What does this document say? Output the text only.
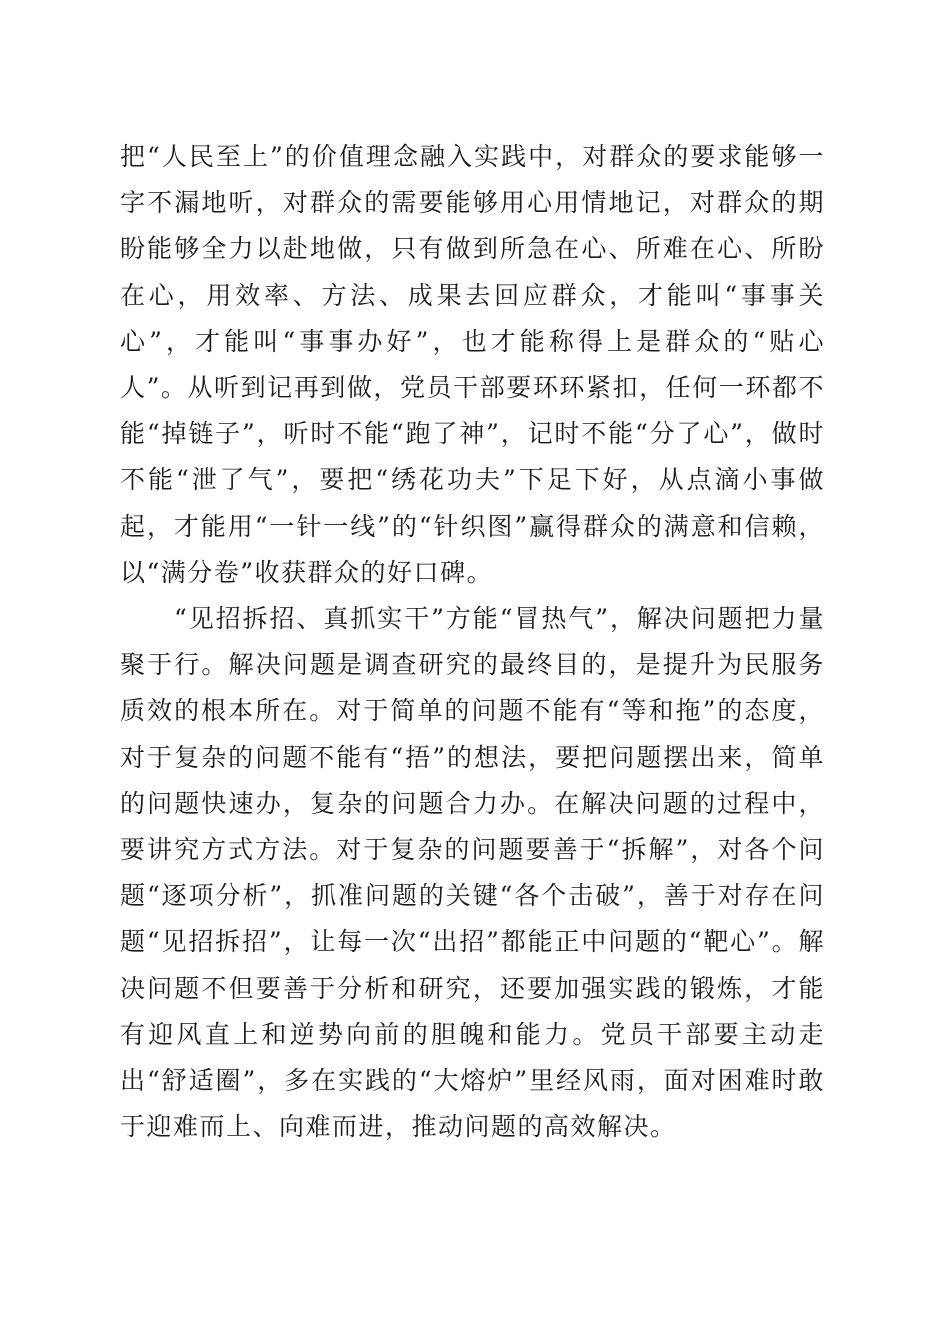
把“人民至上”的价值理念融入实践中，对群众的要求能够一字不漏地听，对群众的需要能够用心用情地记，对群众的期盼能够全力以赴地做，只有做到所急在心、所难在心、所盼在心，用效率、方法、成果去回应群众，才能叫“事事关心”，才能叫“事事办好”，也才能称得上是群众的“贴心人”。从听到记再到做，党员干部要环环紧扣，任何一环都不能“掉链子”，听时不能“跑了神”，记时不能“分了心”，做时不能“泄了气”，要把“绣花功夫”下足下好，从点滴小事做起，才能用“一针一线”的“针织图”赢得群众的满意和信赖，以“满分卷”收获群众的好口碑。

“见招拆招、真抓实干”方能“冒热气”，解决问题把力量聚于行。解决问题是调查研究的最终目的，是提升为民服务质效的根本所在。对于简单的问题不能有“等和拖”的态度，对于复杂的问题不能有“捂”的想法，要把问题摆出来，简单的问题快速办，复杂的问题合力办。在解决问题的过程中，要讲究方式方法。对于复杂的问题要善于“拆解”，对各个问题“逐项分析”，抓准问题的关键“各个击破”，善于对存在问题“见招拆招”，让每一次“出招”都能正中问题的“靶心”。解决问题不但要善于分析和研究，还要加强实践的锻炼，才能有迎风直上和逆势向前的胆魄和能力。党员干部要主动走出“舒适圈”，多在实践的“大熔炉”里经风雨，面对困难时敢于迎难而上、向难而进，推动问题的高效解决。
